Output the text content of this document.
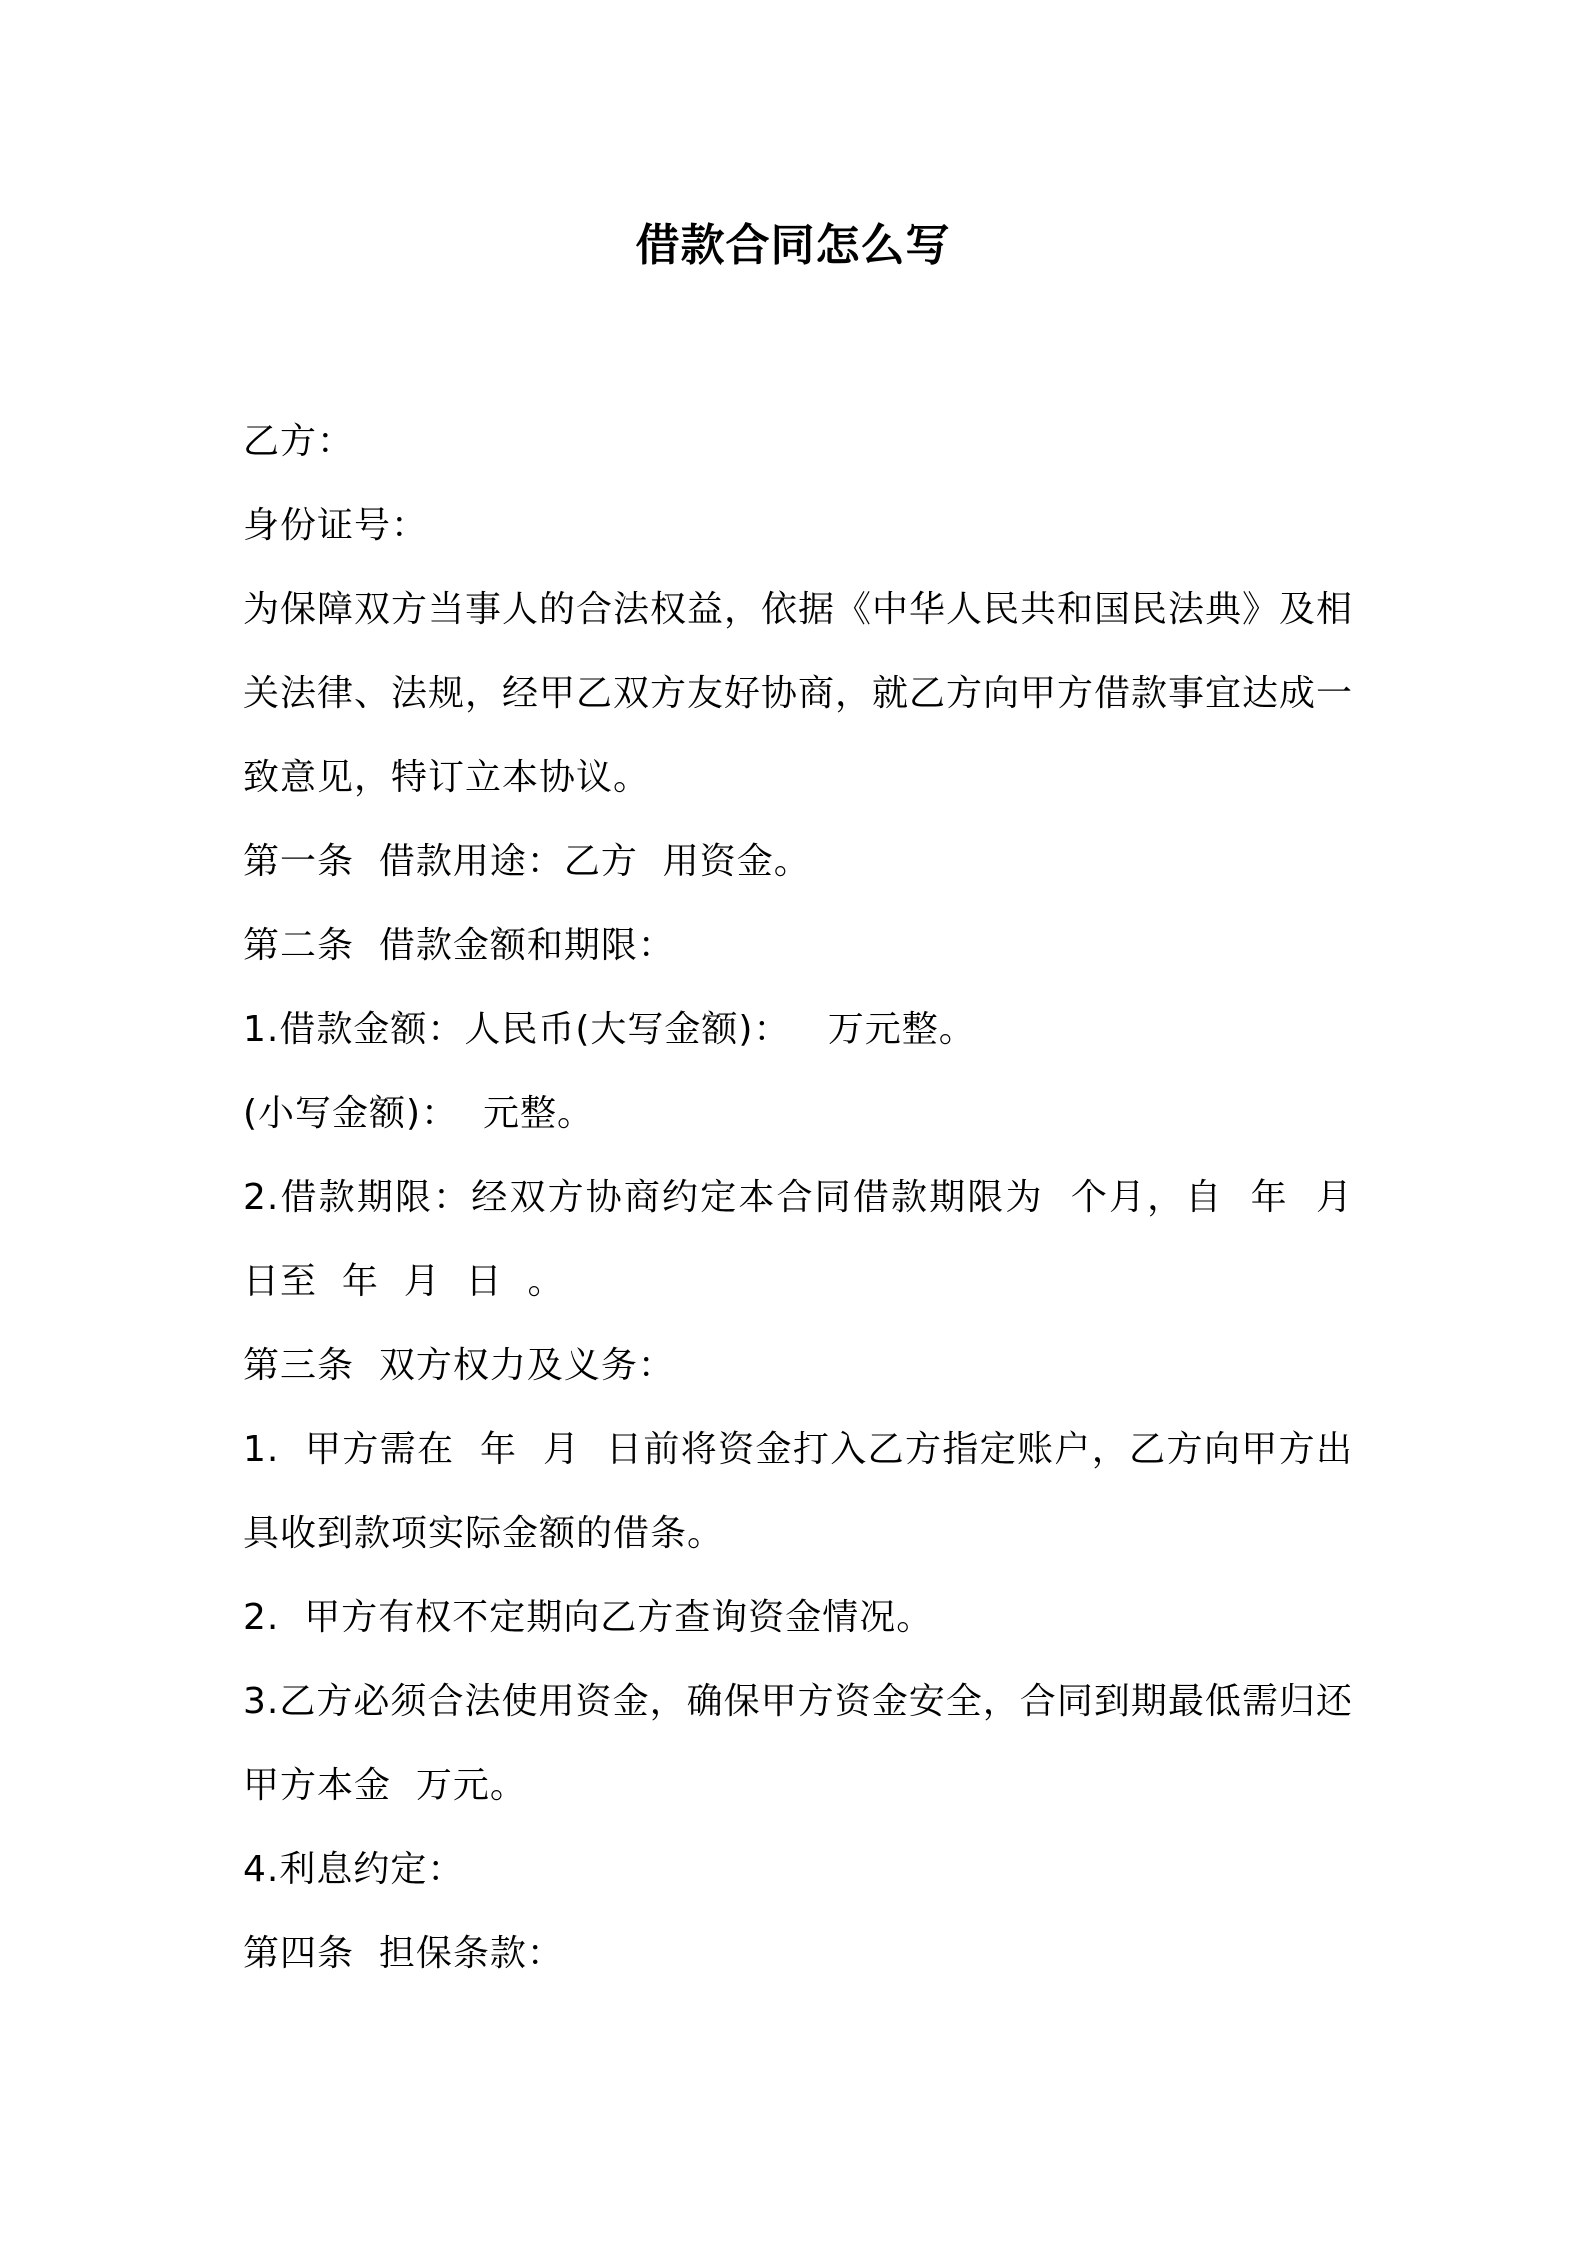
借款合同怎么写

乙方：

身份证号：

为保障双方当事人的合法权益，依据《中华人民共和国民法典》及相关法律、法规，经甲乙双方友好协商，就乙方向甲方借款事宜达成一致意见，特订立本协议。

第一条  借款用途：乙方  用资金。

第二条  借款金额和期限：

1.借款金额：人民币(大写金额)：   万元整。

(小写金额)：  元整。

2.借款期限：经双方协商约定本合同借款期限为  个月，自  年  月  日至  年  月  日  。

第三条  双方权力及义务：

1.  甲方需在  年  月  日前将资金打入乙方指定账户，乙方向甲方出具收到款项实际金额的借条。

2.  甲方有权不定期向乙方查询资金情况。

3.乙方必须合法使用资金，确保甲方资金安全，合同到期最低需归还甲方本金  万元。

4.利息约定：

第四条  担保条款：
